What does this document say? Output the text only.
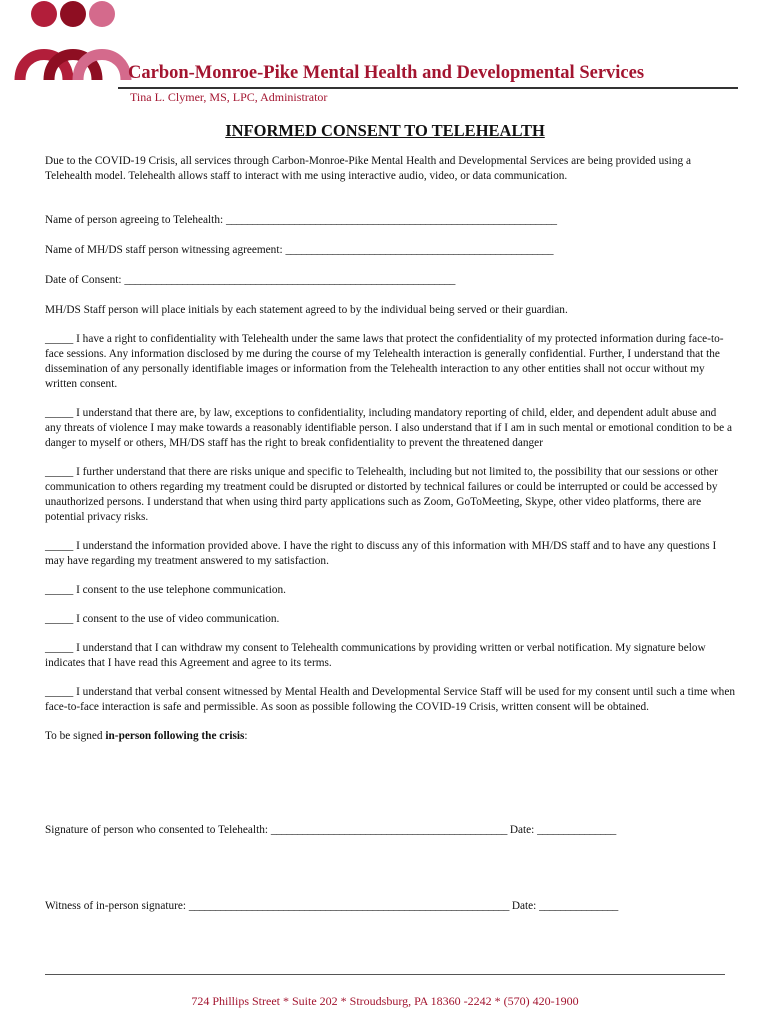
Carbon-Monroe-Pike Mental Health and Developmental Services
Tina L. Clymer, MS, LPC, Administrator
INFORMED CONSENT TO TELEHEALTH

Due to the COVID-19 Crisis, all services through Carbon-Monroe-Pike Mental Health and Developmental Services are being provided using a Telehealth model. Telehealth allows staff to interact with me using interactive audio, video, or data communication.

Name of person agreeing to Telehealth: _______________________________________________________________

Name of MH/DS staff person witnessing agreement: ___________________________________________________

Date of Consent: _______________________________________________________________

MH/DS Staff person will place initials by each statement agreed to by the individual being served or their guardian.

_____ I have a right to confidentiality with Telehealth under the same laws that protect the confidentiality of my protected information during face-to-face sessions. Any information disclosed by me during the course of my Telehealth interaction is generally confidential. Further, I understand that the dissemination of any personally identifiable images or information from the Telehealth interaction to any other entities shall not occur without my written consent.

_____ I understand that there are, by law, exceptions to confidentiality, including mandatory reporting of child, elder, and dependent adult abuse and any threats of violence I may make towards a reasonably identifiable person. I also understand that if I am in such mental or emotional condition to be a danger to myself or others, MH/DS staff has the right to break confidentiality to prevent the threatened danger

_____ I further understand that there are risks unique and specific to Telehealth, including but not limited to, the possibility that our sessions or other communication to others regarding my treatment could be disrupted or distorted by technical failures or could be interrupted or could be accessed by unauthorized persons. I understand that when using third party applications such as Zoom, GoToMeeting, Skype, other video platforms, there are potential privacy risks.

_____ I understand the information provided above. I have the right to discuss any of this information with MH/DS staff and to have any questions I may have regarding my treatment answered to my satisfaction.

_____ I consent to the use telephone communication.

_____ I consent to the use of video communication.

_____ I understand that I can withdraw my consent to Telehealth communications by providing written or verbal notification. My signature below indicates that I have read this Agreement and agree to its terms.

_____ I understand that verbal consent witnessed by Mental Health and Developmental Service Staff will be used for my consent until such a time when face-to-face interaction is safe and permissible. As soon as possible following the COVID-19 Crisis, written consent will be obtained.

To be signed in-person following the crisis:

Signature of person who consented to Telehealth: _____________________________________________ Date: _______________
Witness of in-person signature: _____________________________________________________________ Date: _______________
724 Phillips Street * Suite 202 * Stroudsburg, PA 18360 -2242 * (570) 420-1900
